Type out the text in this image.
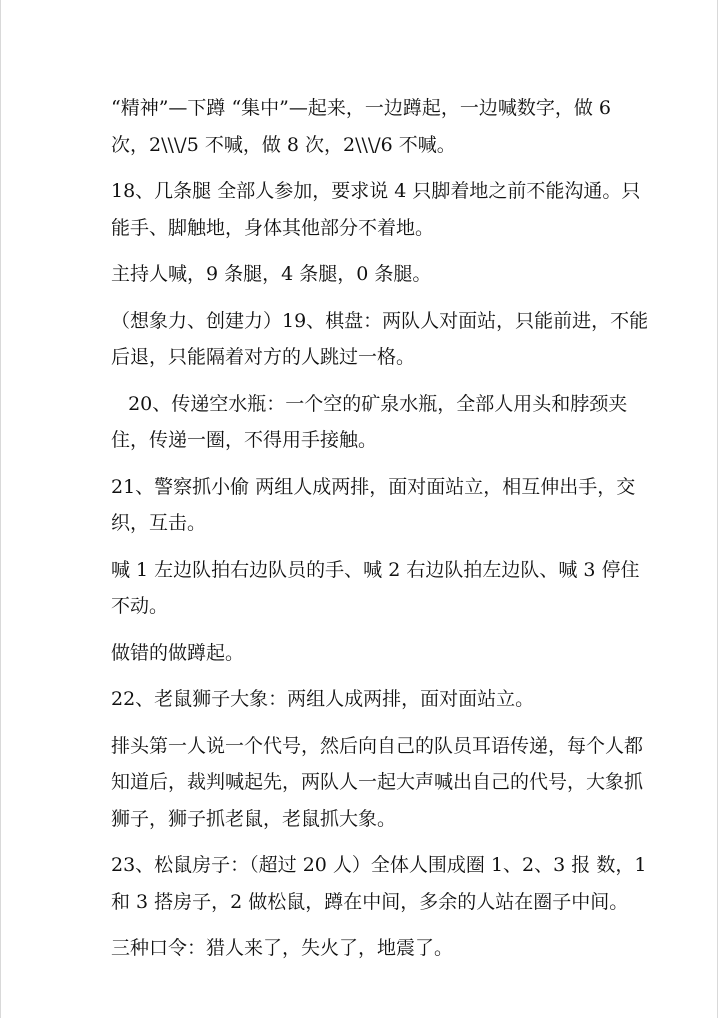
“精神”—下蹲 “集中”—起来，一边蹲起，一边喊数字，做 6 次，2\\\/5 不喊，做 8 次，2\\\/6 不喊。

18、几条腿 全部人参加，要求说 4 只脚着地之前不能沟通。只能手、脚触地，身体其他部分不着地。

主持人喊，9 条腿，4 条腿，0 条腿。

（想象力、创建力）19、棋盘：两队人对面站，只能前进，不能后退，只能隔着对方的人跳过一格。

20、传递空水瓶：一个空的矿泉水瓶，全部人用头和脖颈夹住，传递一圈，不得用手接触。

21、警察抓小偷 两组人成两排，面对面站立，相互伸出手，交织，互击。

喊 1 左边队拍右边队员的手、喊 2 右边队拍左边队、喊 3 停住不动。

做错的做蹲起。

22、老鼠狮子大象：两组人成两排，面对面站立。

排头第一人说一个代号，然后向自己的队员耳语传递，每个人都知道后，裁判喊起先，两队人一起大声喊出自己的代号，大象抓狮子，狮子抓老鼠，老鼠抓大象。

23、松鼠房子：（超过 20 人）全体人围成圈 1、2、3 报 数，1 和 3 搭房子，2 做松鼠，蹲在中间，多余的人站在圈子中间。

三种口令：猎人来了，失火了，地震了。
